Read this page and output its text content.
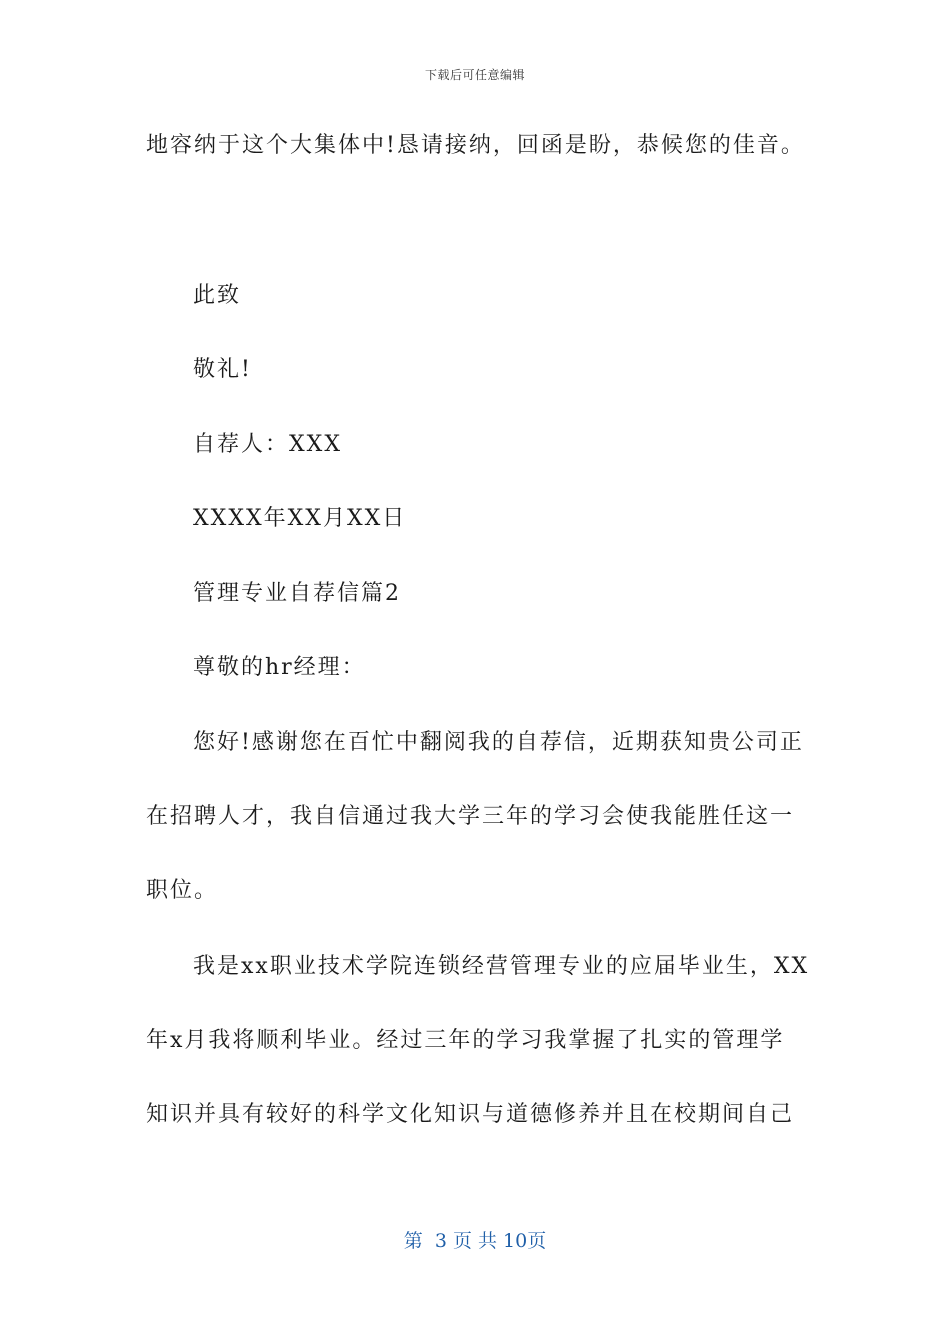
下载后可任意编辑
地容纳于这个大集体中!恳请接纳，回函是盼，恭候您的佳音。
此致
敬礼!
自荐人：XXX
XXXX年XX月XX日
管理专业自荐信篇2
尊敬的hr经理：
您好!感谢您在百忙中翻阅我的自荐信，近期获知贵公司正
在招聘人才，我自信通过我大学三年的学习会使我能胜任这一
职位。
我是xx职业技术学院连锁经营管理专业的应届毕业生，XX
年x月我将顺利毕业。经过三年的学习我掌握了扎实的管理学
知识并具有较好的科学文化知识与道德修养并且在校期间自己
第  3 页 共 10页
